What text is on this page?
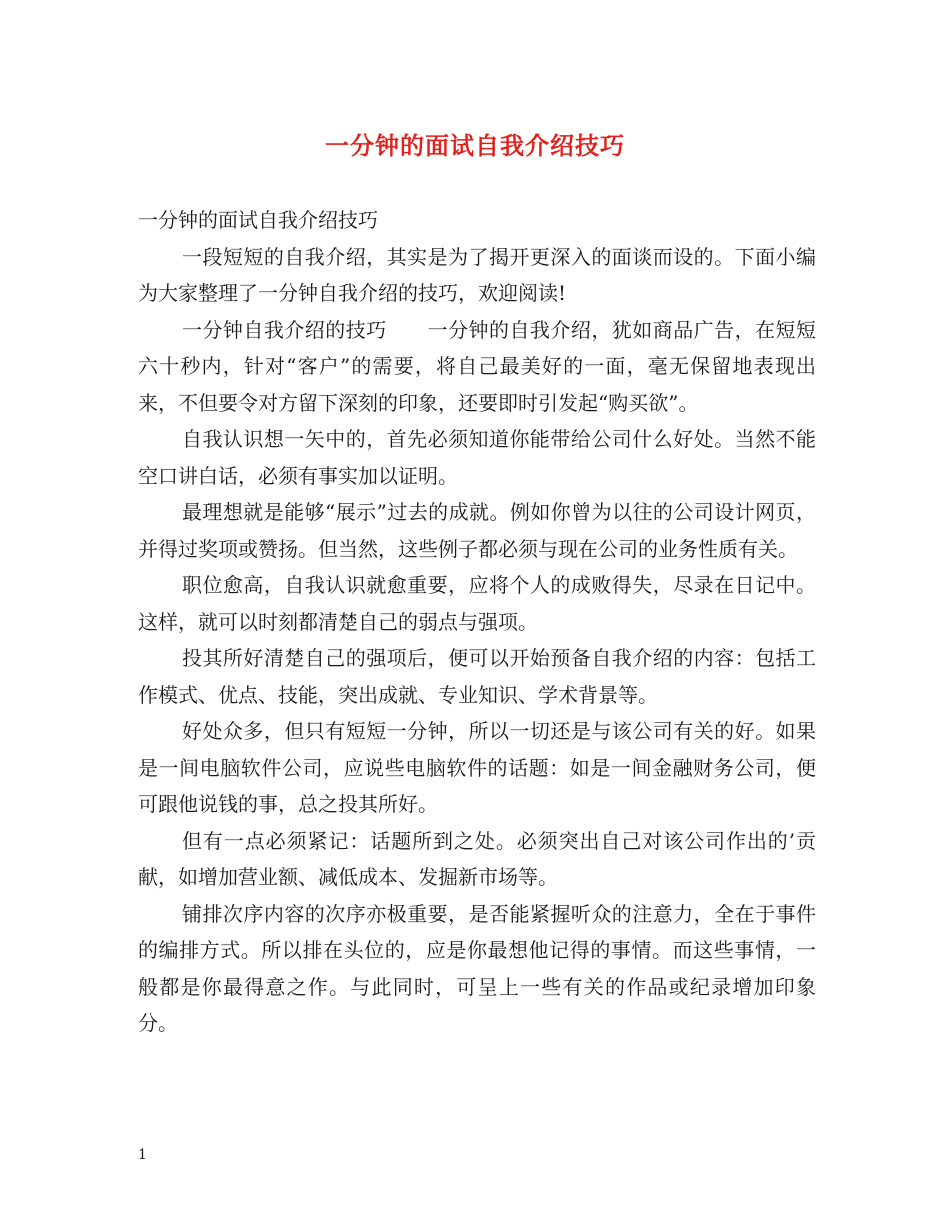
一分钟的面试自我介绍技巧

一分钟的面试自我介绍技巧

一段短短的自我介绍，其实是为了揭开更深入的面谈而设的。下面小编为大家整理了一分钟自我介绍的技巧，欢迎阅读!

一分钟自我介绍的技巧　　一分钟的自我介绍，犹如商品广告，在短短六十秒内，针对“客户”的需要，将自己最美好的一面，毫无保留地表现出来，不但要令对方留下深刻的印象，还要即时引发起“购买欲”。

自我认识想一矢中的，首先必须知道你能带给公司什么好处。当然不能空口讲白话，必须有事实加以证明。

最理想就是能够“展示”过去的成就。例如你曾为以往的公司设计网页，并得过奖项或赞扬。但当然，这些例子都必须与现在公司的业务性质有关。

职位愈高，自我认识就愈重要，应将个人的成败得失，尽录在日记中。这样，就可以时刻都清楚自己的弱点与强项。

投其所好清楚自己的强项后，便可以开始预备自我介绍的内容：包括工作模式、优点、技能，突出成就、专业知识、学术背景等。

好处众多，但只有短短一分钟，所以一切还是与该公司有关的好。如果是一间电脑软件公司，应说些电脑软件的话题：如是一间金融财务公司，便可跟他说钱的事，总之投其所好。

但有一点必须紧记：话题所到之处。必须突出自己对该公司作出的’贡献，如增加营业额、减低成本、发掘新市场等。

铺排次序内容的次序亦极重要，是否能紧握听众的注意力，全在于事件的编排方式。所以排在头位的，应是你最想他记得的事情。而这些事情，一般都是你最得意之作。与此同时，可呈上一些有关的作品或纪录增加印象分。

1
